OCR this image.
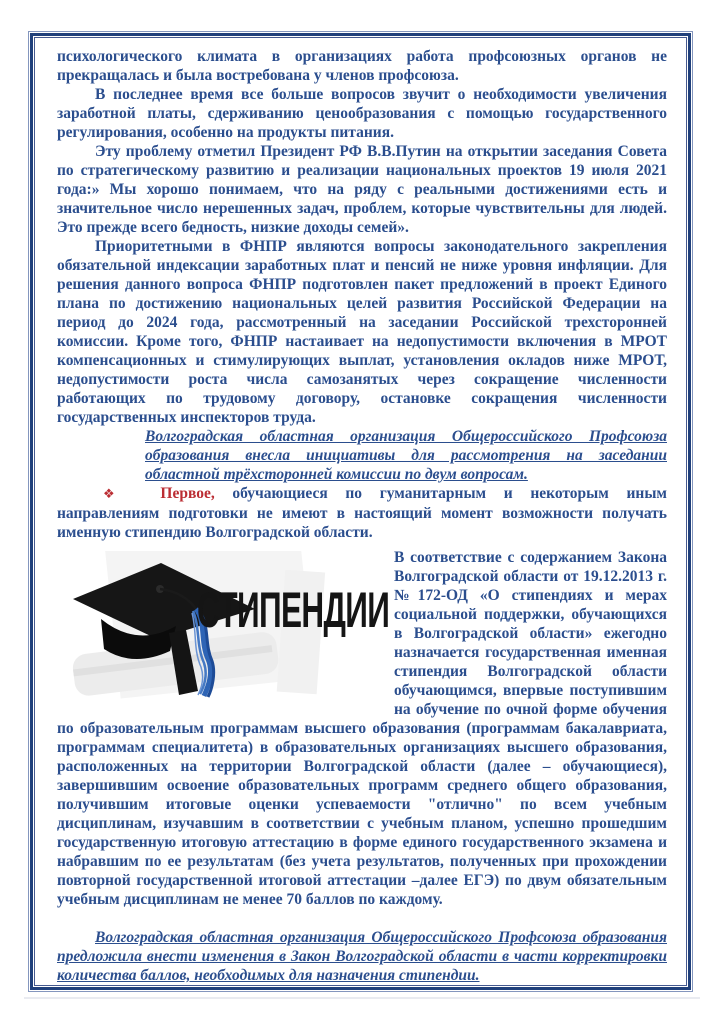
психологического климата в организациях работа профсоюзных органов не прекращалась и была востребована у членов профсоюза.

В последнее время все больше вопросов звучит о необходимости увеличения заработной платы, сдерживанию ценообразования с помощью государственного регулирования, особенно на продукты питания.

Эту проблему отметил Президент РФ В.В.Путин на открытии заседания Совета по стратегическому развитию и реализации национальных проектов 19 июля 2021 года:» Мы хорошо понимаем, что на ряду с реальными достижениями есть и значительное число нерешенных задач, проблем, которые чувствительны для людей. Это прежде всего бедность, низкие доходы семей».

Приоритетными в ФНПР являются вопросы законодательного закрепления обязательной индексации заработных плат и пенсий не ниже уровня инфляции. Для решения данного вопроса ФНПР подготовлен пакет предложений в проект Единого плана по достижению национальных целей развития Российской Федерации на период до 2024 года, рассмотренный на заседании Российской трехсторонней комиссии. Кроме того, ФНПР настаивает на недопустимости включения в МРОТ компенсационных и стимулирующих выплат, установления окладов ниже МРОТ, недопустимости роста числа самозанятых через сокращение численности работающих по трудовому договору, остановке сокращения численности государственных инспекторов труда.

Волгоградская областная организация Общероссийского Профсоюза образования внесла инициативы для рассмотрения на заседании областной трёхсторонней комиссии по двум вопросам.

❖ Первое, обучающиеся по гуманитарным и некоторым иным направлениям подготовки не имеют в настоящий момент возможности получать именную стипендию Волгоградской области.

СТИПЕНДИИ
В соответствие с содержанием Закона Волгоградской области от 19.12.2013 г. №172-ОД «О стипендиях и мерах социальной поддержки, обучающихся в Волгоградской области» ежегодно назначается государственная именная стипендия Волгоградской области обучающимся, впервые поступившим на обучение по очной форме обучения по образовательным программам высшего образования (программам бакалавриата, программам специалитета) в образовательных организациях высшего образования, расположенных на территории Волгоградской области (далее – обучающиеся), завершившим освоение образовательных программ среднего общего образования, получившим итоговые оценки успеваемости "отлично" по всем учебным дисциплинам, изучавшим в соответствии с учебным планом, успешно прошедшим государственную итоговую аттестацию в форме единого государственного экзамена и набравшим по ее результатам (без учета результатов, полученных при прохождении повторной государственной итоговой аттестации –далее ЕГЭ) по двум обязательным учебным дисциплинам не менее 70 баллов по каждому.

Волгоградская областная организация Общероссийского Профсоюза образования предложила внести изменения в Закон Волгоградской области в части корректировки количества баллов, необходимых для назначения стипендии.
